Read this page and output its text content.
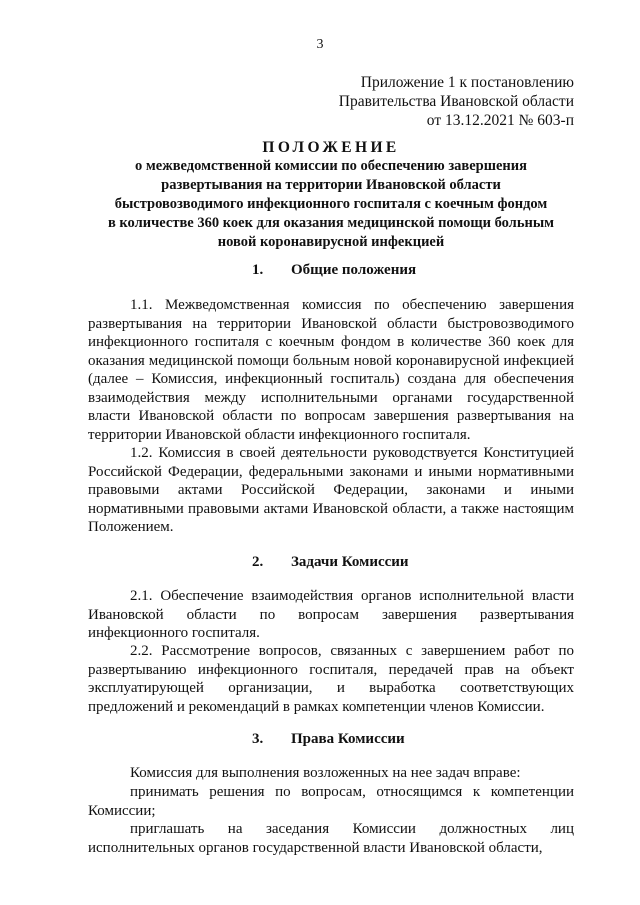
3
Приложение 1 к постановлению
Правительства Ивановской области
от 13.12.2021 № 603-п

ПОЛОЖЕНИЕ

о межведомственной комиссии по обеспечению завершения

развертывания на территории Ивановской области

быстровозводимого инфекционного госпиталя с коечным фондом

в количестве 360 коек для оказания медицинской помощи больным

новой коронавирусной инфекцией

1. Общие положения

1.1. Межведомственная комиссия по обеспечению завершения развертывания на территории Ивановской области быстровозводимого инфекционного госпиталя с коечным фондом в количестве 360 коек для оказания медицинской помощи больным новой коронавирусной инфекцией (далее – Комиссия, инфекционный госпиталь) создана для обеспечения взаимодействия между исполнительными органами государственной власти Ивановской области по вопросам завершения развертывания на территории Ивановской области инфекционного госпиталя.

1.2. Комиссия в своей деятельности руководствуется Конституцией Российской Федерации, федеральными законами и иными нормативными правовыми актами Российской Федерации, законами и иными нормативными правовыми актами Ивановской области, а также настоящим Положением.

2. Задачи Комиссии

2.1. Обеспечение взаимодействия органов исполнительной власти Ивановской области по вопросам завершения развертывания инфекционного госпиталя.

2.2. Рассмотрение вопросов, связанных с завершением работ по развертыванию инфекционного госпиталя, передачей прав на объект эксплуатирующей организации, и выработка соответствующих предложений и рекомендаций в рамках компетенции членов Комиссии.

3. Права Комиссии

Комиссия для выполнения возложенных на нее задач вправе:

принимать решения по вопросам, относящимся к компетенции Комиссии;

приглашать на заседания Комиссии должностных лиц исполнительных органов государственной власти Ивановской области,
